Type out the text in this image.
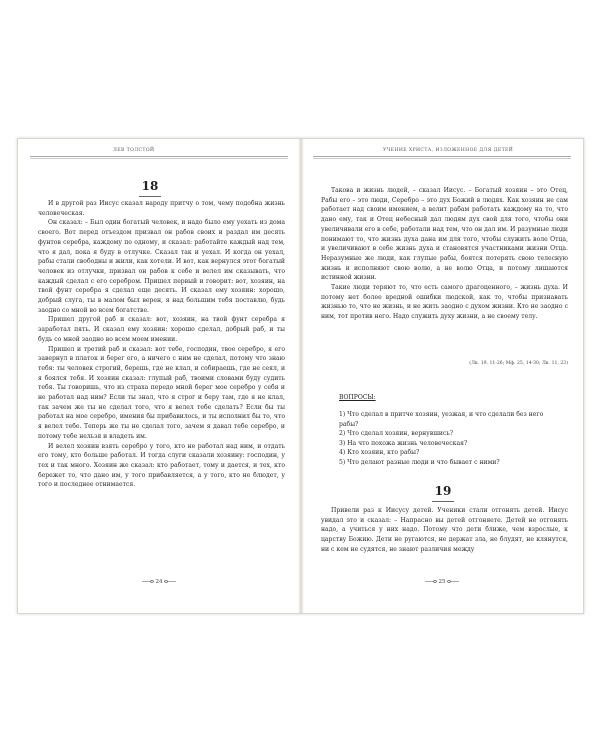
ЛЕВ ТОЛСТОЙ
18

И в другой раз Иисус сказал народу притчу о том, чему подобна жизнь человеческая.

Он сказал: – Был один богатый человек, и надо было ему уехать из дома своего. Вот перед отъездом призвал он рабов своих и раздал им десять фунтов серебра, каждому по одному, и сказал: работайте каждый над тем, что я дал, пока я буду в отлучке. Сказал так и уехал. И когда он уехал, рабы стали свободны и жили, как хотели. И вот, как вернулся этот богатый человек из отлучки, призвал он рабов к себе и велел им сказывать, что каждый сделал с его серебром. Пришел первый и говорит: вот, хозяин, на твой фунт серебра я сделал еще десять. И сказал ему хозяин: хорошо, добрый слуга, ты в малом был верен, я над большим тебя поставлю, будь заодно со мной во всем богатстве.

Пришел другой раб и сказал: вот, хозяин, на твой фунт серебра я заработал пять. И сказал ему хозяин: хорошо сделал, добрый раб, и ты будь со мной заодно во всем моем имении.

Пришел и третий раб и сказал: вот тебе, господин, твое серебро, я его завернул в платок и берег его, а ничего с ним не сделал, потому что знаю тебя: ты человек строгий, берешь, где не клал, и собираешь, где не сеял, и я боялся тебя. И хозяин сказал: глупый раб, твоими словами буду судить тебя. Ты говоришь, что из страха передо мной берег мое серебро у себя и не работал над ним? Если ты знал, что я строг и беру там, где я не клал, так зачем же ты не сделал того, что я велел тебе сделать? Если бы ты работал на мое серебро, имения бы прибавилось, и ты исполнил бы то, что я велел тебе. Теперь же ты не сделал того, зачем я давал тебе серебро, и потому тебе нельзя и владеть им.

И велел хозяин взять серебро у того, кто не работал над ним, и отдать его тому, кто больше работал. И тогда слуги сказали хозяину: господин, у тех и так много. Хозяин же сказал: кто работает, тому и дается, и тех, кто бережет то, что дано им, у того прибавляется, а у того, кто не блюдет, у того и последнее отнимается.

24
УЧЕНИЕ ХРИСТА, ИЗЛОЖЕННОЕ ДЛЯ ДЕТЕЙ

Такова и жизнь людей, – сказал Иисус. – Богатый хозяин – это Отец, Рабы его – это люди, Серебро – это дух Божий в людях. Как хозяин не сам работает над своим имением, а велит рабам работать каждому на то, что дано ему, так и Отец небесный дал людям дух свой для того, чтобы они увеличивали его в себе, работали над тем, что он дал им. И разумные люди понимают то, что жизнь духа дана им для того, чтобы служить воле Отца, и увеличивают в себе жизнь духа и становятся участниками жизни Отца. Неразумные же люди, как глупые рабы, боятся потерять свою телесную жизнь и исполняют свою волю, а не волю Отца, и потому лишаются истинной жизни.

Такие люди теряют то, что есть самого драгоценного, – жизнь духа. И потому нет более вредной ошибки людской, как то, чтобы признавать жизнью то, что не жизнь, и не жить заодно с духом жизни. Кто не заодно с ним, тот против него. Надо служить духу жизни, а не своему телу.

(Лк. 19, 11-26; Мф. 25, 14-30; Лк. 11, 23)
ВОПРОСЫ:
1) Что сделал в притче хозяин, уезжая, и что сделали без него рабы?
2) Что сделал хозяин, вернувшись?
3) На что похожа жизнь человеческая?
4) Кто хозяин, кто рабы?
5) Что делают разные люди и что бывает с ними?
19

Привели раз к Иисусу детей. Ученики стали отгонять детей. Иисус увидал это и сказал: – Напрасно вы детей отгоняете. Детей не отгонять надо, а учиться у них надо. Потому что дети ближе, чем взрослые, к царству Божию. Дети не ругаются, не держат зла, не блудят, не клянутся, ни с кем не судятся, не знают различия между

25
